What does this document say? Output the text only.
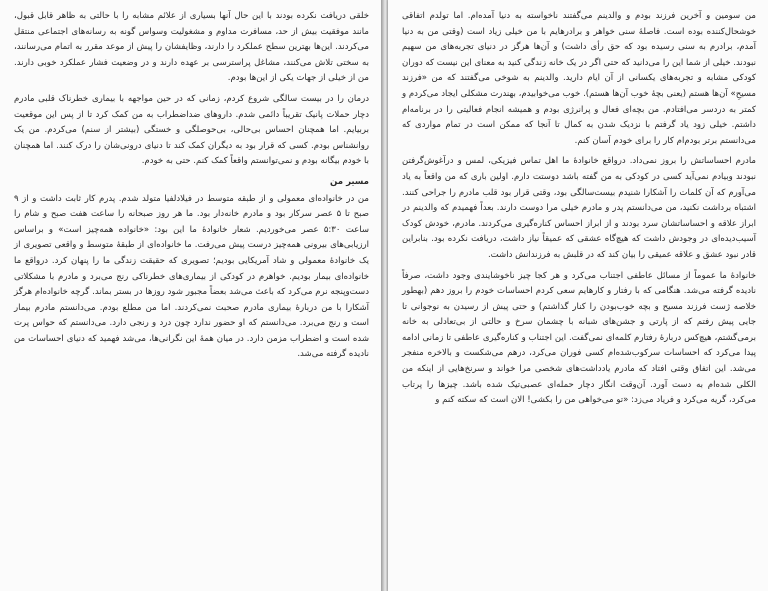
خلقی دریافت نکرده بودند با این حال آنها بسیاری از علائم مشابه را با حالتی به ظاهر قابل قبول، مانند موفقیت بیش از حد، مسافرت مداوم و مشغولیت وسواس گونه به رسانه‌های اجتماعی منتقل می‌کردند. این‌ها بهترین سطح عملکرد را دارند، وظایفشان را پیش از موعد مقرر به اتمام می‌رسانند، به سختی تلاش می‌کنند، مشاغل پراسترسی بر عهده دارند و در وضعیت فشار عملکرد خوبی دارند. من از خیلی از جهات یکی از این‌ها بودم.

درمان را در بیست سالگی شروع کردم، زمانی که در حین مواجهه با بیماری خطرناک قلبی مادرم دچار حملات پانیک تقریباً دائمی شدم. داروهای ضداضطراب به من کمک کرد تا از پس این موقعیت بربیایم. اما همچنان احساس بی‌حالی، بی‌حوصلگی و خستگی (بیشتر از سنم) می‌کردم. من یک روانشناس بودم. کسی که قرار بود به دیگران کمک کند تا دنیای درونی‌شان را درک کنند. اما همچنان با خودم بیگانه بودم و نمی‌توانستم واقعاً کمک کنم. حتی به خودم.

مسیر من

من در خانواده‌ای معمولی و از طبقه متوسط در فیلادلفیا متولد شدم. پدرم کار ثابت داشت و از ۹ صبح تا ۵ عصر سرکار بود و مادرم خانه‌دار بود. ما هر روز صبحانه را ساعت هفت صبح و شام را ساعت ۵:۳۰ عصر می‌خوردیم. شعار خانوادهٔ ما این بود: «خانواده همه‌چیز است» و براساس ارزیابی‌های بیرونی همه‌چیز درست پیش می‌رفت. ما خانواده‌ای از طبقهٔ متوسط و واقعی تصویری از یک خانوادهٔ معمولی و شاد آمریکایی بودیم؛ تصویری که حقیقت زندگی ما را پنهان کرد. درواقع ما خانواده‌ای بیمار بودیم. خواهرم در کودکی از بیماری‌های خطرناکی رنج می‌برد و مادرم با مشکلاتی دست‌وپنجه نرم می‌کرد که باعث می‌شد بعضاً مجبور شود روزها در بستر بماند. گرچه خانواده‌ام هرگز آشکارا با من دربارهٔ بیماری مادرم صحبت نمی‌کردند. اما من مطلع بودم. می‌دانستم مادرم بیمار است و رنج می‌برد. می‌دانستم که او حضور ندارد چون درد و رنجی دارد. می‌دانستم که حواس پرت شده است و اضطراب مزمن دارد. در میان همهٔ این نگرانی‌ها، می‌شد فهمید که دنیای احساسات من نادیده گرفته می‌شد.

من سومین و آخرین فرزند بودم و والدینم می‌گفتند ناخواسته به دنیا آمده‌ام. اما تولدم اتفاقی خوشحال‌کننده بوده است. فاصلهٔ سنی خواهر و برادرهایم با من خیلی زیاد است (وقتی من به دنیا آمدم، برادرم به سنی رسیده بود که حق رأی داشت) و آن‌ها هرگز در دنیای تجربه‌های من سهیم نبودند. خیلی از شما این را می‌دانید که حتی اگر در یک خانه زندگی کنید به معنای این نیست که دوران کودکی مشابه و تجربه‌های یکسانی از آن ایام دارید. والدینم به شوخی می‌گفتند که من «فرزند مسیحِ» آن‌ها هستم (یعنی بچهٔ خوب آن‌ها هستم). خوب می‌خوابیدم، بهندرت مشکلی ایجاد می‌کردم و کمتر به دردسر می‌افتادم. من بچه‌ای فعال و پرانرژی بودم و همیشه انجام فعالیتی را در برنامه‌ام داشتم. خیلی زود یاد گرفتم با نزدیک شدن به کمال تا آنجا که ممکن است در تمام مواردی که می‌دانستم برتر بودم‌ام کار را برای خودم آسان کنم.

مادرم احساساتش را بروز نمی‌داد. درواقع خانوادهٔ ما اهل تماس فیزیکی، لمس و در‌آغوش‌گرفتن نبودند وبیادم نمی‌آید کسی در کودکی به من گفته باشد دوستت دارم. اولین باری که من واقعاً به یاد می‌آورم که آن کلمات را آشکارا شنیدم بیست‌سالگی بود، وقتی قرار بود قلب مادرم را جراحی کنند. اشتباه برداشت نکنید، من می‌دانستم پدر و مادرم خیلی مرا دوست دارند. بعداً فهمیدم که والدینم در ابراز علاقه و احساساتشان سرد بودند و از ابراز احساس کناره‌گیری می‌کردند. مادرم، خودش کودک آسیب‌دیده‌ای در وجودش داشت که هیچ‌گاه عشقی که عمیقاً نیاز داشت، دریافت نکرده بود. بنابراین قادر نبود عشق و علاقه عمیقی را بیان کند که در قلبش به فرزندانش داشت.

خانوادهٔ ما عموماً از مسائل عاطفی اجتناب می‌کرد و هر کجا چیز ناخوشایندی وجود داشت، صرفاً نادیده گرفته می‌شد. هنگامی که با رفتار و کارهایم سعی کردم احساسات خودم را بروز دهم (بهطور خلاصه ژست فرزند مسیح و بچه خوب‌بودن را کنار گذاشتم) و حتی پیش از رسیدن به نوجوانی تا جایی پیش رفتم که از پارتی و جشن‌های شبانه با چشمان سرخ و حالتی از بی‌تعادلی به خانه برمی‌گشتم، هیچ‌کس دربارهٔ رفتارم کلمه‌ای نمی‌گفت. این اجتناب و کناره‌گیری عاطفی تا زمانی ادامه پیدا می‌کرد که احساسات سرکوب‌شده‌ام کسی فوران می‌کرد، درهم می‌شکست و بالاخره منفجر می‌شد. این اتفاق وقتی افتاد که مادرم یادداشت‌های شخصی مرا خواند و سرنخ‌هایی از اینکه من الکلی شده‌ام به دست آورد. آن‌وقت انگار دچار حمله‌ای عصبی‌تیک شده باشد. چیزها را پرتاب می‌کرد، گریه می‌کرد و فریاد می‌زد: «تو می‌خواهی من را بکشی! الان است که سکته کنم و
